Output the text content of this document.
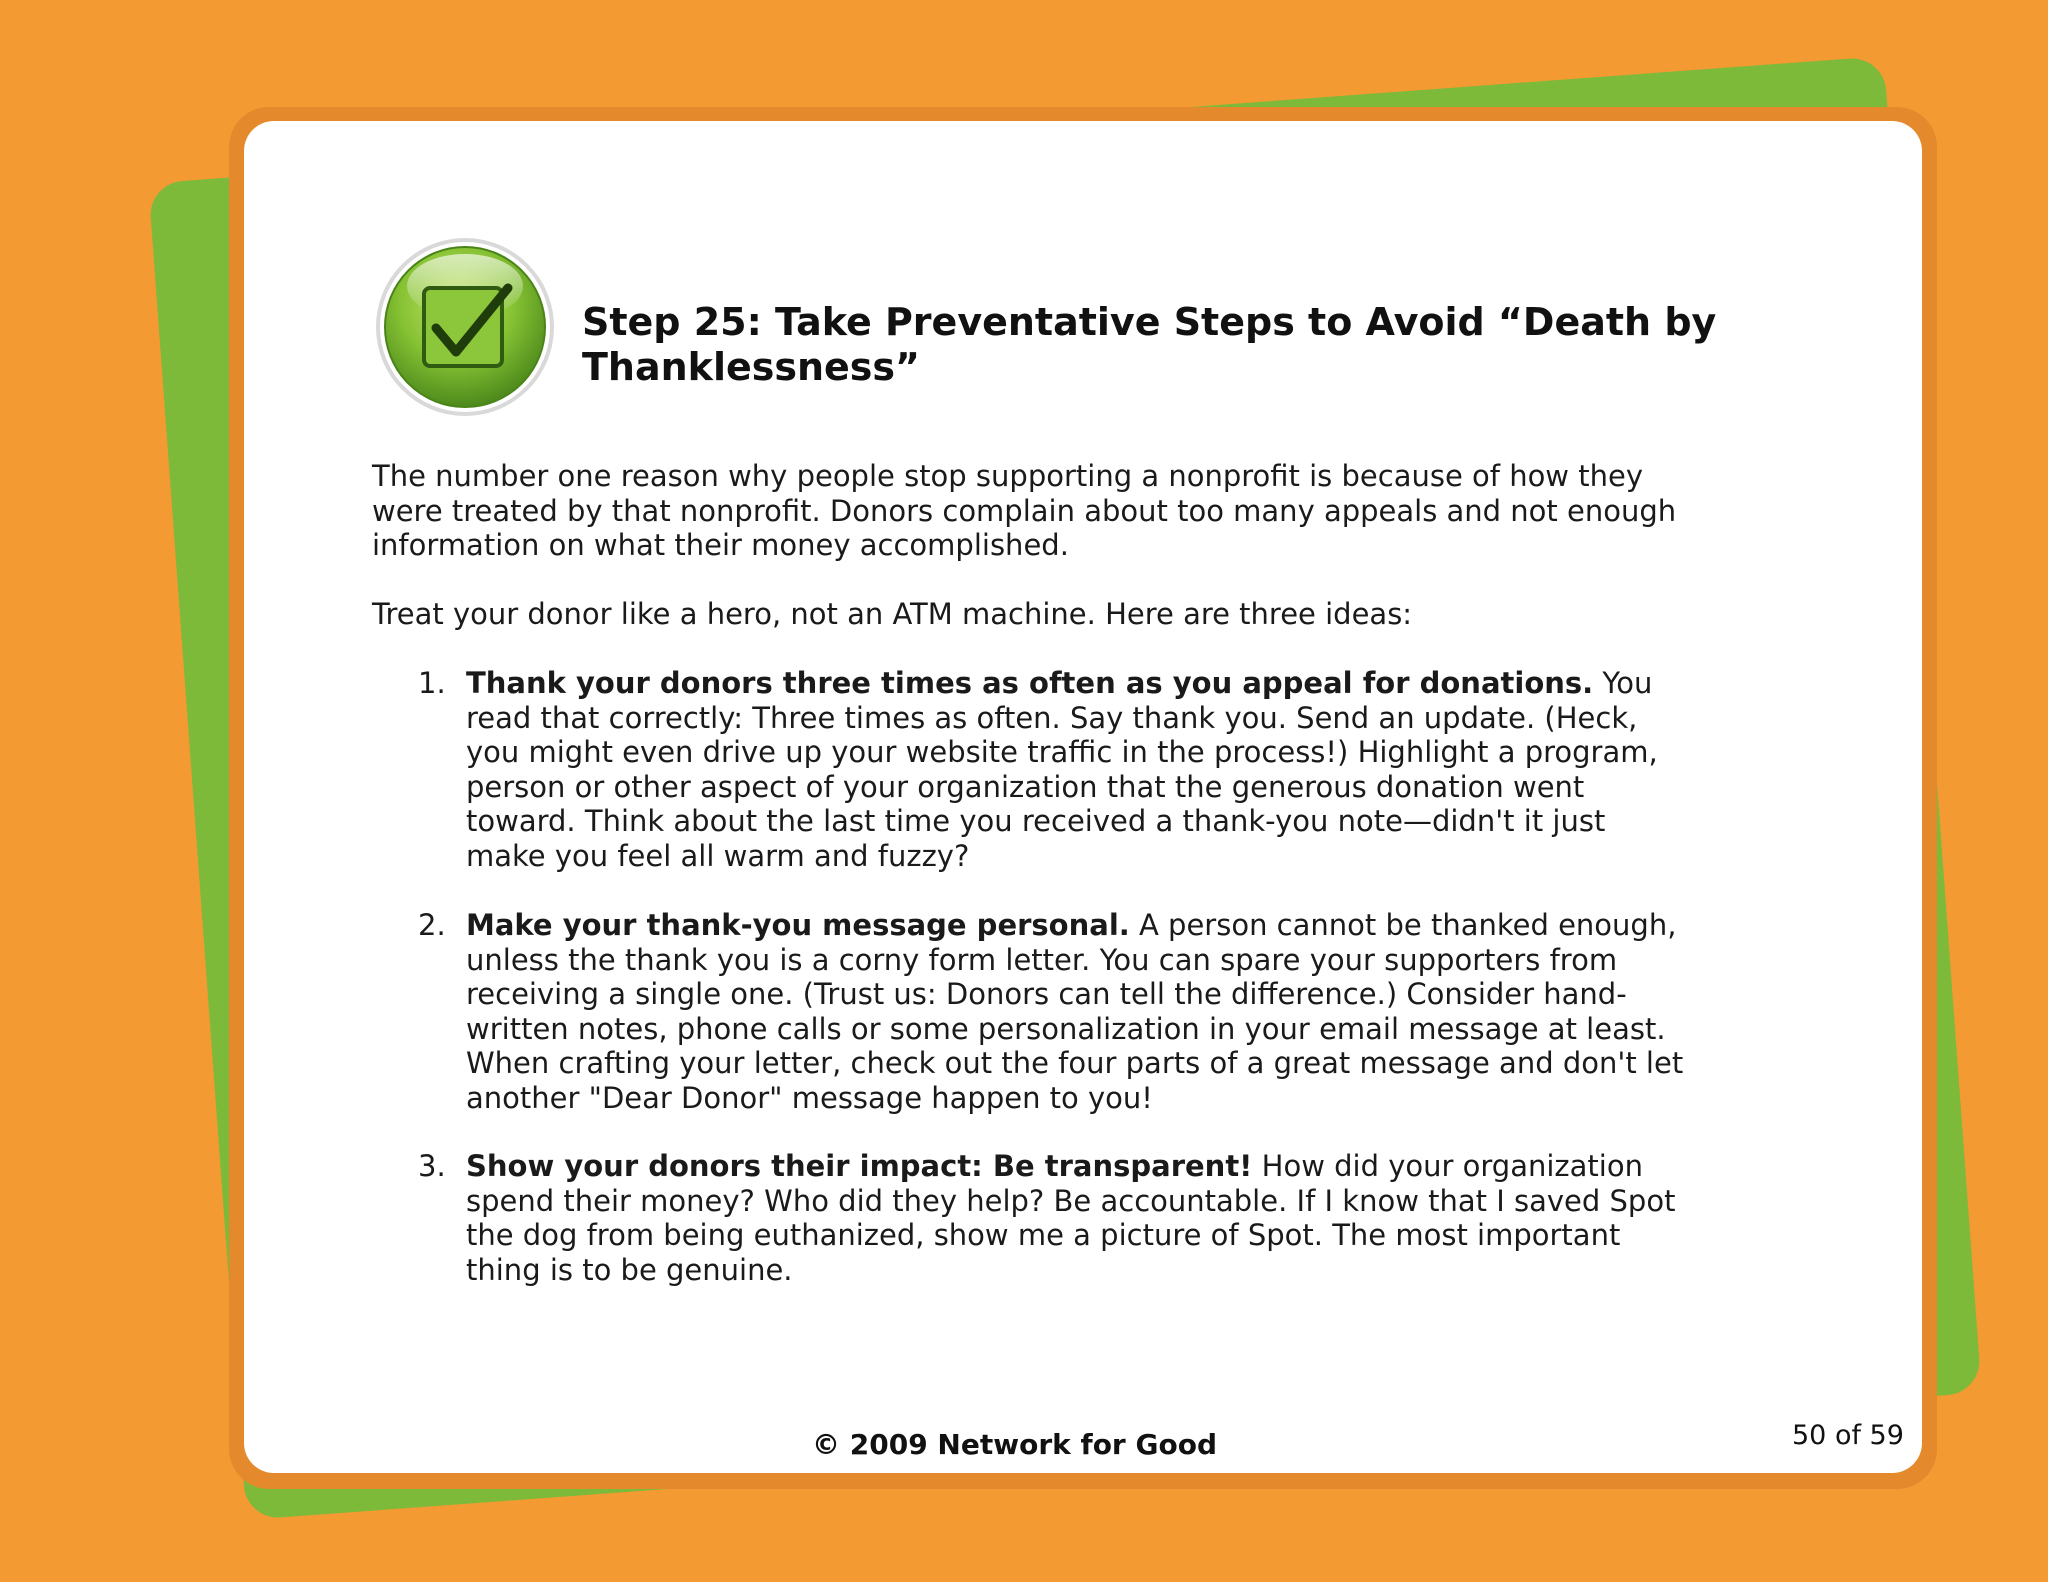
Step 25: Take Preventative Steps to Avoid “Death by Thanklessness”

The number one reason why people stop supporting a nonprofit is because of how they were treated by that nonprofit. Donors complain about too many appeals and not enough information on what their money accomplished.

Treat your donor like a hero, not an ATM machine. Here are three ideas:

1. Thank your donors three times as often as you appeal for donations. You read that correctly: Three times as often. Say thank you. Send an update. (Heck, you might even drive up your website traffic in the process!) Highlight a program, person or other aspect of your organization that the generous donation went toward. Think about the last time you received a thank-you note—didn't it just make you feel all warm and fuzzy?
2. Make your thank-you message personal. A person cannot be thanked enough, unless the thank you is a corny form letter. You can spare your supporters from receiving a single one. (Trust us: Donors can tell the difference.) Consider hand-written notes, phone calls or some personalization in your email message at least. When crafting your letter, check out the four parts of a great message and don't let another "Dear Donor" message happen to you!
3. Show your donors their impact: Be transparent! How did your organization spend their money? Who did they help? Be accountable. If I know that I saved Spot the dog from being euthanized, show me a picture of Spot. The most important thing is to be genuine.

© 2009 Network for Good	50 of 59
